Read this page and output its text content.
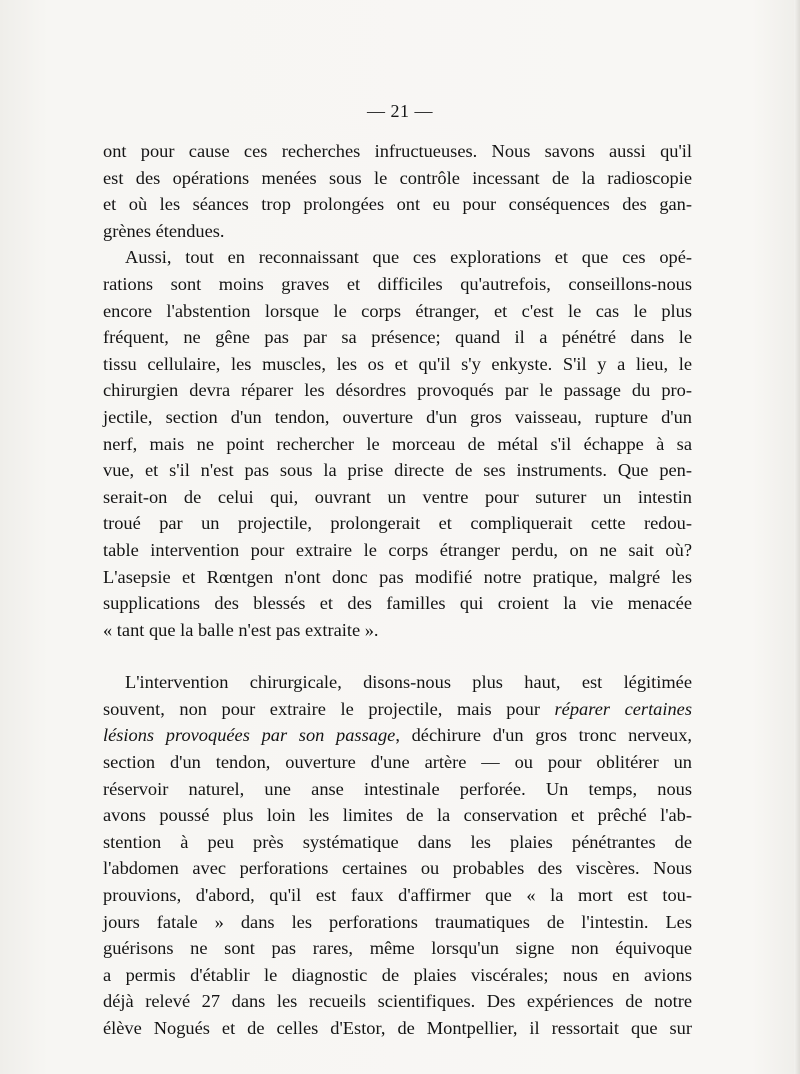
— 21 —
ont pour cause ces recherches infructueuses. Nous savons aussi qu'il
est des opérations menées sous le contrôle incessant de la radioscopie
et où les séances trop prolongées ont eu pour conséquences des gan-
grènes étendues.
Aussi, tout en reconnaissant que ces explorations et que ces opé-
rations sont moins graves et difficiles qu'autrefois, conseillons-nous
encore l'abstention lorsque le corps étranger, et c'est le cas le plus
fréquent, ne gêne pas par sa présence; quand il a pénétré dans le
tissu cellulaire, les muscles, les os et qu'il s'y enkyste. S'il y a lieu, le
chirurgien devra réparer les désordres provoqués par le passage du pro-
jectile, section d'un tendon, ouverture d'un gros vaisseau, rupture d'un
nerf, mais ne point rechercher le morceau de métal s'il échappe à sa
vue, et s'il n'est pas sous la prise directe de ses instruments. Que pen-
serait-on de celui qui, ouvrant un ventre pour suturer un intestin
troué par un projectile, prolongerait et compliquerait cette redou-
table intervention pour extraire le corps étranger perdu, on ne sait où?
L'asepsie et Rœntgen n'ont donc pas modifié notre pratique, malgré les
supplications des blessés et des familles qui croient la vie menacée
« tant que la balle n'est pas extraite ».
L'intervention chirurgicale, disons-nous plus haut, est légitimée
souvent, non pour extraire le projectile, mais pour réparer certaines
lésions provoquées par son passage, déchirure d'un gros tronc nerveux,
section d'un tendon, ouverture d'une artère — ou pour oblitérer un
réservoir naturel, une anse intestinale perforée. Un temps, nous
avons poussé plus loin les limites de la conservation et prêché l'ab-
stention à peu près systématique dans les plaies pénétrantes de
l'abdomen avec perforations certaines ou probables des viscères. Nous
prouvions, d'abord, qu'il est faux d'affirmer que « la mort est tou-
jours fatale » dans les perforations traumatiques de l'intestin. Les
guérisons ne sont pas rares, même lorsqu'un signe non équivoque
a permis d'établir le diagnostic de plaies viscérales; nous en avions
déjà relevé 27 dans les recueils scientifiques. Des expériences de notre
élève Nogués et de celles d'Estor, de Montpellier, il ressortait que sur
